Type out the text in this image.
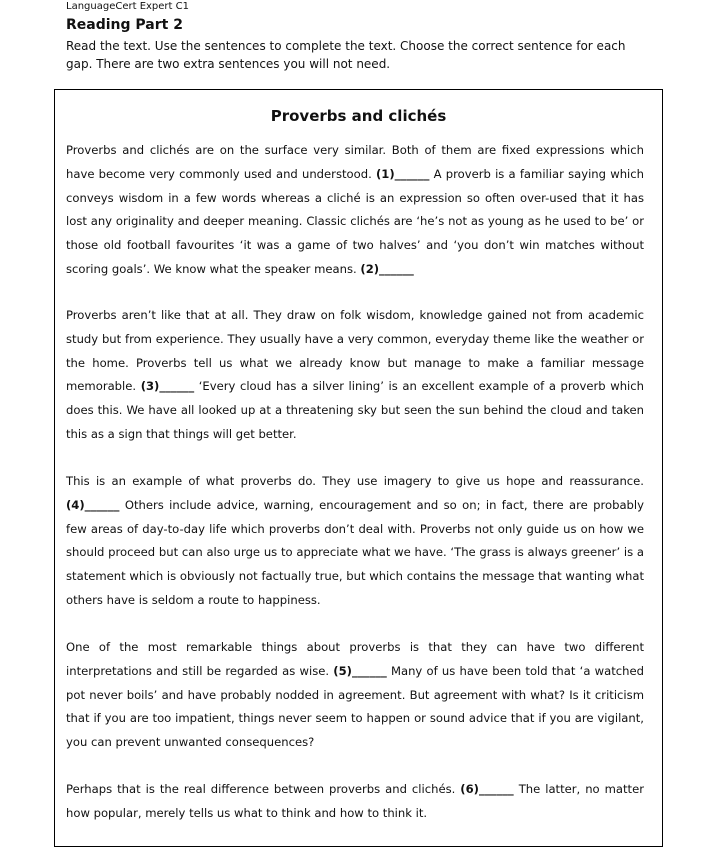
LanguageCert Expert C1
Reading Part 2
Read the text. Use the sentences to complete the text. Choose the correct sentence for each gap. There are two extra sentences you will not need.
Proverbs and clichés

Proverbs and clichés are on the surface very similar. Both of them are fixed expressions which have become very commonly used and understood. (1)______ A proverb is a familiar saying which conveys wisdom in a few words whereas a cliché is an expression so often over-used that it has lost any originality and deeper meaning. Classic clichés are ‘he’s not as young as he used to be’ or those old football favourites ‘it was a game of two halves’ and ‘you don’t win matches without scoring goals’. We know what the speaker means. (2)______

Proverbs aren’t like that at all. They draw on folk wisdom, knowledge gained not from academic study but from experience. They usually have a very common, everyday theme like the weather or the home. Proverbs tell us what we already know but manage to make a familiar message memorable. (3)______ ‘Every cloud has a silver lining’ is an excellent example of a proverb which does this. We have all looked up at a threatening sky but seen the sun behind the cloud and taken this as a sign that things will get better.

This is an example of what proverbs do. They use imagery to give us hope and reassurance. (4)______ Others include advice, warning, encouragement and so on; in fact, there are probably few areas of day-to-day life which proverbs don’t deal with. Proverbs not only guide us on how we should proceed but can also urge us to appreciate what we have. ‘The grass is always greener’ is a statement which is obviously not factually true, but which contains the message that wanting what others have is seldom a route to happiness.

One of the most remarkable things about proverbs is that they can have two different interpretations and still be regarded as wise. (5)______ Many of us have been told that ‘a watched pot never boils’ and have probably nodded in agreement. But agreement with what? Is it criticism that if you are too impatient, things never seem to happen or sound advice that if you are vigilant, you can prevent unwanted consequences?

Perhaps that is the real difference between proverbs and clichés. (6)______ The latter, no matter how popular, merely tells us what to think and how to think it.
